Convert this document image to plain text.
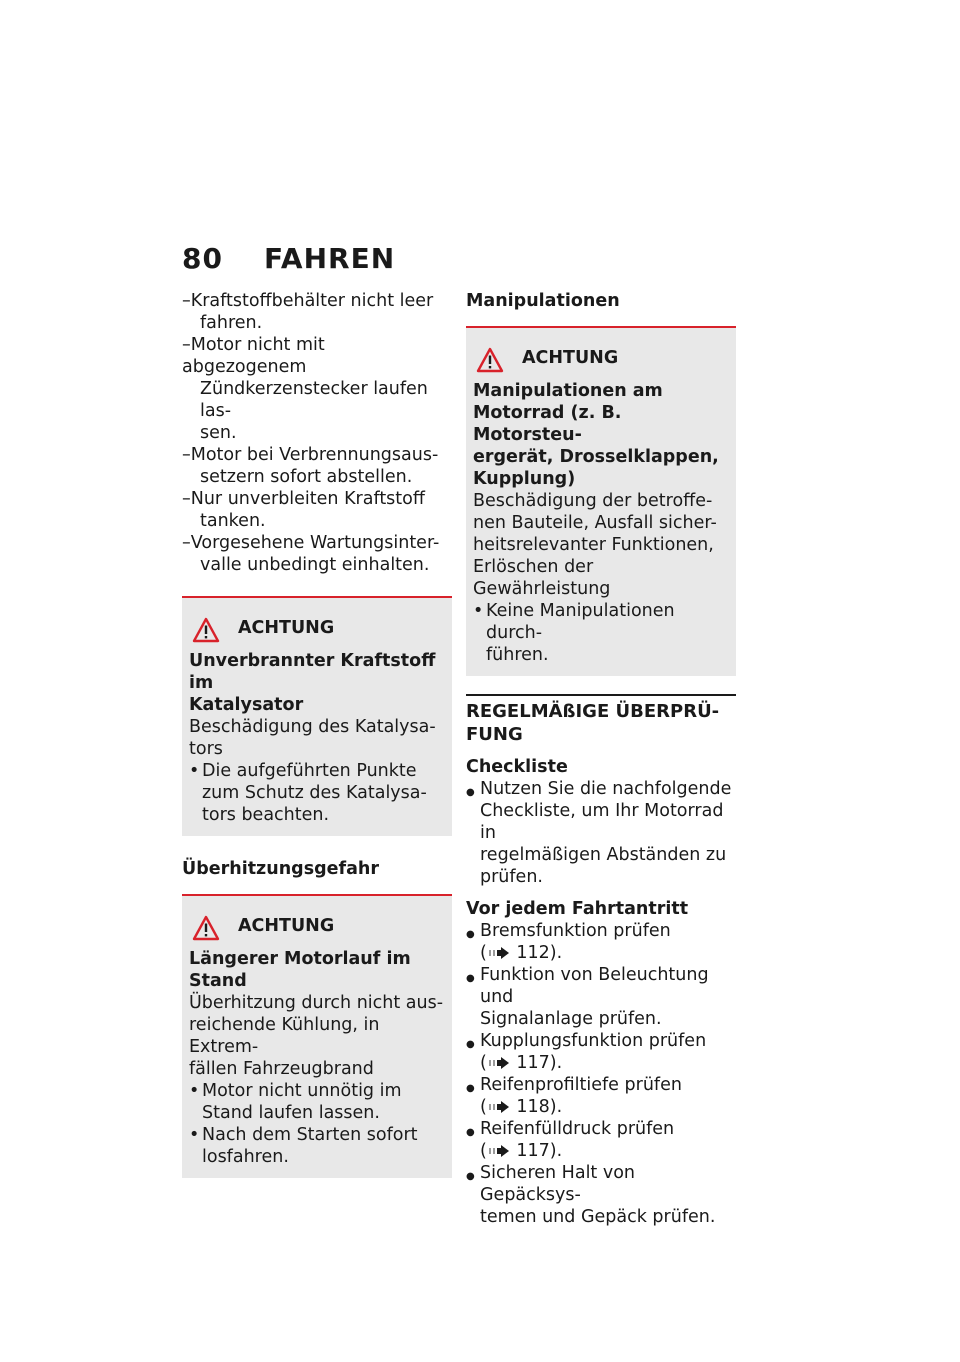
80 FAHREN
–Kraftstoffbehälter nicht leer
fahren.
–Motor nicht mit abgezogenem
Zündkerzenstecker laufen las-
sen.
–Motor bei Verbrennungsaus-
setzern sofort abstellen.
–Nur unverbleiten Kraftstoff
tanken.
–Vorgesehene Wartungsinter-
valle unbedingt einhalten.
ACHTUNG
Unverbrannter Kraftstoff im
Katalysator
Beschädigung des Katalysa-
tors
• Die aufgeführten Punkte
zum Schutz des Katalysa-
tors beachten.
Überhitzungsgefahr
ACHTUNG
Längerer Motorlauf im Stand
Überhitzung durch nicht aus-
reichende Kühlung, in Extrem-
fällen Fahrzeugbrand
• Motor nicht unnötig im
Stand laufen lassen.
• Nach dem Starten sofort
losfahren.
Manipulationen
ACHTUNG
Manipulationen am
Motorrad (z. B. Motorsteu-
ergerät, Drosselklappen,
Kupplung)
Beschädigung der betroffe-
nen Bauteile, Ausfall sicher-
heitsrelevanter Funktionen,
Erlöschen der Gewährleistung
• Keine Manipulationen durch-
führen.
REGELMÄßIGE ÜBERPRÜ-
FUNG
Checkliste
● Nutzen Sie die nachfolgende
Checkliste, um Ihr Motorrad in
regelmäßigen Abständen zu
prüfen.
Vor jedem Fahrtantritt
● Bremsfunktion prüfen
( 112).
● Funktion von Beleuchtung und
Signalanlage prüfen.
● Kupplungsfunktion prüfen
( 117).
● Reifenprofiltiefe prüfen
( 118).
● Reifenfülldruck prüfen
( 117).
● Sicheren Halt von Gepäcksys-
temen und Gepäck prüfen.
